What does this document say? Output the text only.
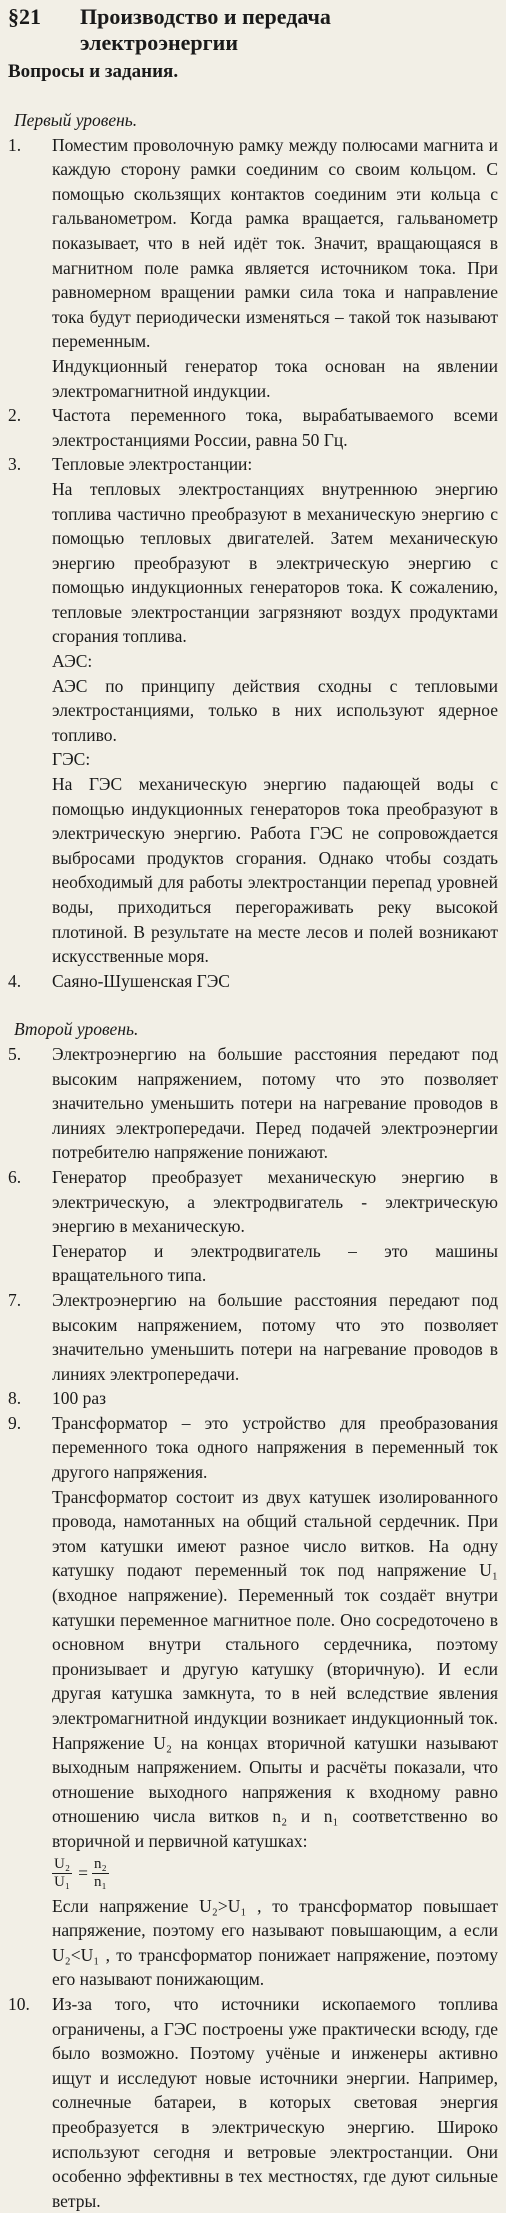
§21 Производство и передача
электроэнергии
Вопросы и задания.
Первый уровень.
1. Поместим проволочную рамку между полюсами магнита и каждую сторону рамки соединим со своим кольцом. С помощью скользящих контактов соединим эти кольца с гальванометром. Когда рамка вращается, гальванометр показывает, что в ней идёт ток. Значит, вращающаяся в магнитном поле рамка является источником тока. При равномерном вращении рамки сила тока и направление тока будут периодически изменяться – такой ток называют переменным.

Индукционный генератор тока основан на явлении электромагнитной индукции.

2. Частота переменного тока, вырабатываемого всеми электростанциями России, равна 50 Гц.

3. Тепловые электростанции:

На тепловых электростанциях внутреннюю энергию топлива частично преобразуют в механическую энергию с помощью тепловых двигателей. Затем механическую энергию преобразуют в электрическую энергию с помощью индукционных генераторов тока. К сожалению, тепловые электростанции загрязняют воздух продуктами сгорания топлива.

АЭС:

АЭС по принципу действия сходны с тепловыми электростанциями, только в них используют ядерное топливо.

ГЭС:

На ГЭС механическую энергию падающей воды с помощью индукционных генераторов тока преобразуют в электрическую энергию. Работа ГЭС не сопровождается выбросами продуктов сгорания. Однако чтобы создать необходимый для работы электростанции перепад уровней воды, приходиться перегораживать реку высокой плотиной. В результате на месте лесов и полей возникают искусственные моря.

4. Саяно-Шушенская ГЭС

Второй уровень.
5. Электроэнергию на большие расстояния передают под высоким напряжением, потому что это позволяет значительно уменьшить потери на нагревание проводов в линиях электропередачи. Перед подачей электроэнергии потребителю напряжение понижают.

6. Генератор преобразует механическую энергию в электрическую, а электродвигатель - электрическую энергию в механическую.

Генератор и электродвигатель – это машины вращательного типа.

7. Электроэнергию на большие расстояния передают под высоким напряжением, потому что это позволяет значительно уменьшить потери на нагревание проводов в линиях электропередачи.

8. 100 раз

9. Трансформатор – это устройство для преобразования переменного тока одного напряжения в переменный ток другого напряжения.

Трансформатор состоит из двух катушек изолированного провода, намотанных на общий стальной сердечник. При этом катушки имеют разное число витков. На одну катушку подают переменный ток под напряжение U₁ (входное напряжение). Переменный ток создаёт внутри катушки переменное магнитное поле. Оно сосредоточено в основном внутри стального сердечника, поэтому пронизывает и другую катушку (вторичную). И если другая катушка замкнута, то в ней вследствие явления электромагнитной индукции возникает индукционный ток. Напряжение U₂ на концах вторичной катушки называют выходным напряжением. Опыты и расчёты показали, что отношение выходного напряжения к входному равно отношению числа витков n₂ и n₁ соответственно во вторичной и первичной катушках:

$\frac{\text{U₂}}{\text{U₁}} = \frac{\text{n₂}}{\text{n₁}}$

Если напряжение U₂>U₁ , то трансформатор повышает напряжение, поэтому его называют повышающим, а если U₂<U₁ , то трансформатор понижает напряжение, поэтому его называют понижающим.

10. Из-за того, что источники ископаемого топлива ограничены, а ГЭС построены уже практически всюду, где было возможно. Поэтому учёные и инженеры активно ищут и исследуют новые источники энергии. Например, солнечные батареи, в которых световая энергия преобразуется в электрическую энергию. Широко используют сегодня и ветровые электростанции. Они особенно эффективны в тех местностях, где дуют сильные ветры.
